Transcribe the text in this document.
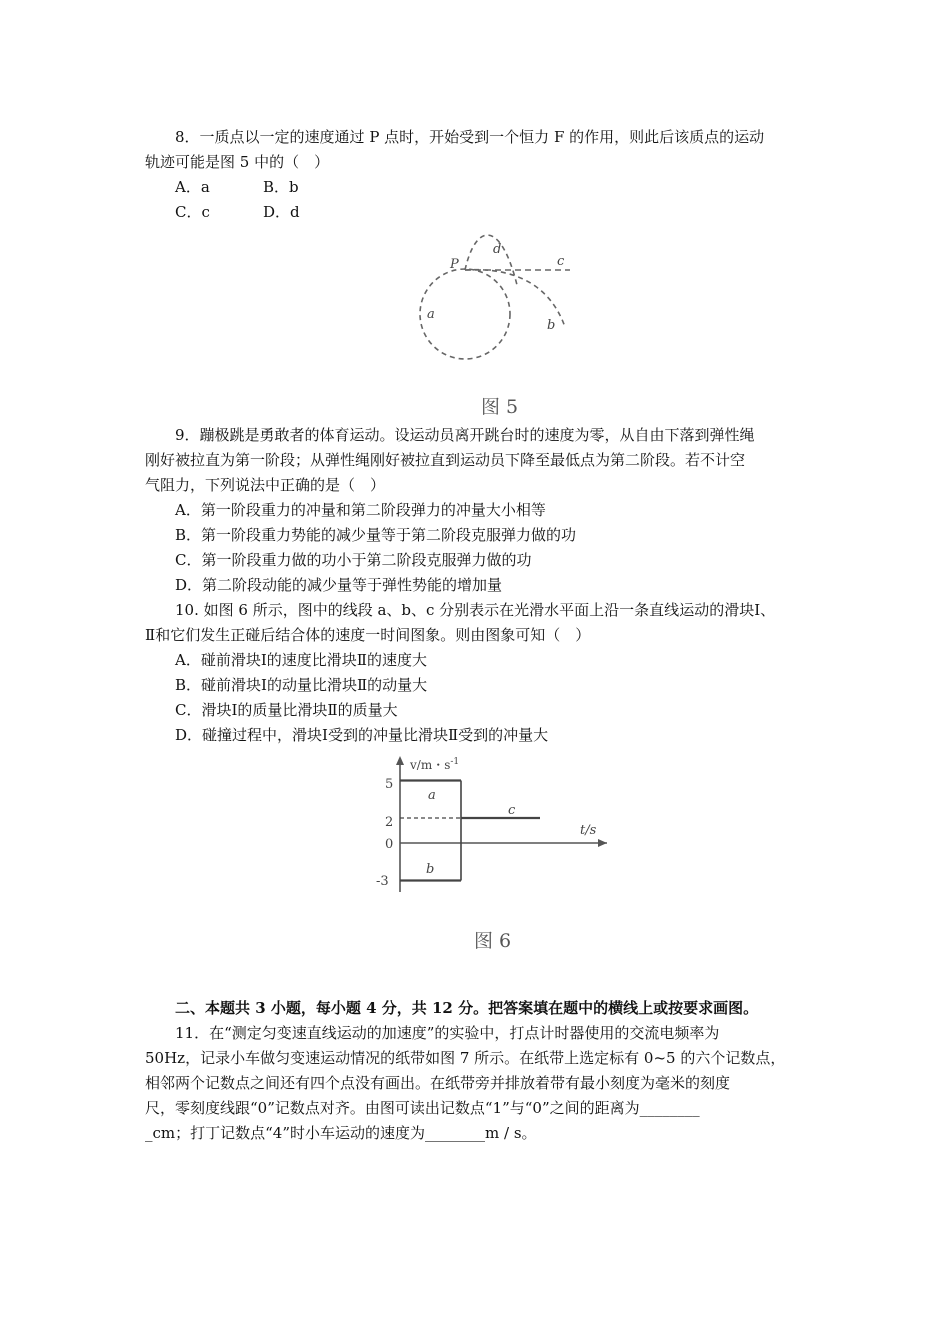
8．一质点以一定的速度通过 P 点时，开始受到一个恒力 F 的作用，则此后该质点的运动
轨迹可能是图 5 中的（　）
A．a	B．b
C．c	D．d
P
a
b
c
d
图 5
9．蹦极跳是勇敢者的体育运动。设运动员离开跳台时的速度为零，从自由下落到弹性绳
刚好被拉直为第一阶段；从弹性绳刚好被拉直到运动员下降至最低点为第二阶段。若不计空
气阻力，下列说法中正确的是（　）
A．第一阶段重力的冲量和第二阶段弹力的冲量大小相等
B．第一阶段重力势能的减少量等于第二阶段克服弹力做的功
C．第一阶段重力做的功小于第二阶段克服弹力做的功
D．第二阶段动能的减少量等于弹性势能的增加量
10. 如图 6 所示，图中的线段 a、b、c 分别表示在光滑水平面上沿一条直线运动的滑块Ⅰ、
Ⅱ和它们发生正碰后结合体的速度一时间图象。则由图象可知（　）
A．碰前滑块Ⅰ的速度比滑块Ⅱ的速度大
B．碰前滑块Ⅰ的动量比滑块Ⅱ的动量大
C．滑块Ⅰ的质量比滑块Ⅱ的质量大
D．碰撞过程中，滑块Ⅰ受到的冲量比滑块Ⅱ受到的冲量大
v/m・$s^{-1}$
t/s
5
2
0
-3
a
b
c
图 6
二、本题共 3 小题，每小题 4 分，共 12 分。把答案填在题中的横线上或按要求画图。
11．在“测定匀变速直线运动的加速度”的实验中，打点计时器使用的交流电频率为
50Hz，记录小车做匀变速运动情况的纸带如图 7 所示。在纸带上选定标有 0~5 的六个记数点，
相邻两个记数点之间还有四个点没有画出。在纸带旁并排放着带有最小刻度为毫米的刻度
尺，零刻度线跟“0”记数点对齐。由图可读出记数点“1”与“0”之间的距离为________
_cm；打丁记数点“4”时小车运动的速度为________m / s。
